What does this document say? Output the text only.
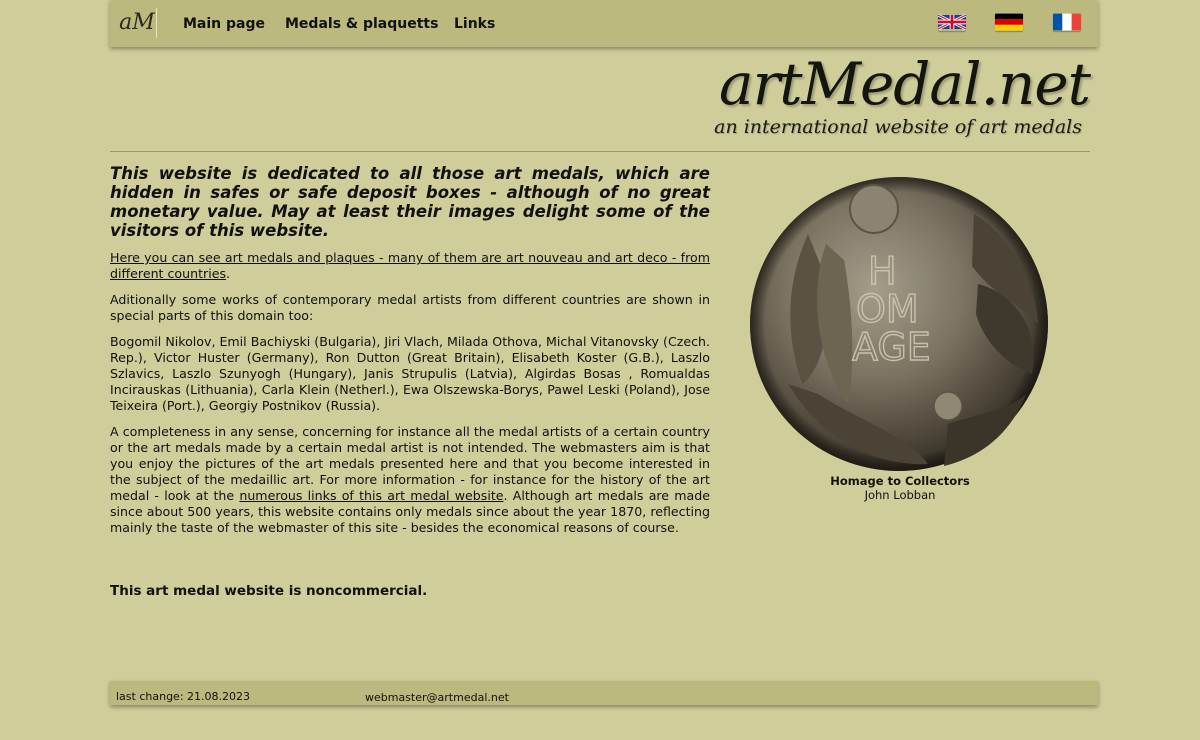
aM Main page Medals & plaquetts Links
artMedal.net
an international website of art medals
This website is dedicated to all those art medals, which are hidden in safes or safe deposit boxes - although of no great monetary value. May at least their images delight some of the visitors of this website.

Here you can see art medals and plaques - many of them are art nouveau and art deco - from different countries.

Aditionally some works of contemporary medal artists from different countries are shown in special parts of this domain too:

Bogomil Nikolov, Emil Bachiyski (Bulgaria), Jiri Vlach, Milada Othova, Michal Vitanovsky (Czech. Rep.), Victor Huster (Germany), Ron Dutton (Great Britain), Elisabeth Koster (G.B.), Laszlo Szlavics, Laszlo Szunyogh (Hungary), Janis Strupulis (Latvia), Algirdas Bosas , Romualdas Incirauskas (Lithuania), Carla Klein (Netherl.), Ewa Olszewska-Borys, Pawel Leski (Poland), Jose Teixeira (Port.), Georgiy Postnikov (Russia).

A completeness in any sense, concerning for instance all the medal artists of a certain country or the art medals made by a certain medal artist is not intended. The webmasters aim is that you enjoy the pictures of the art medals presented here and that you become interested in the subject of the medaillic art. For more information - for instance for the history of the art medal - look at the numerous links of this art medal website. Although art medals are made since about 500 years, this website contains only medals since about the year 1870, reflecting mainly the taste of the webmaster of this site - besides the economical reasons of course.

This art medal website is noncommercial.
H
OM
AGE
Homage to Collectors
John Lobban
last change: 21.08.2023	webmaster@artmedal.net
